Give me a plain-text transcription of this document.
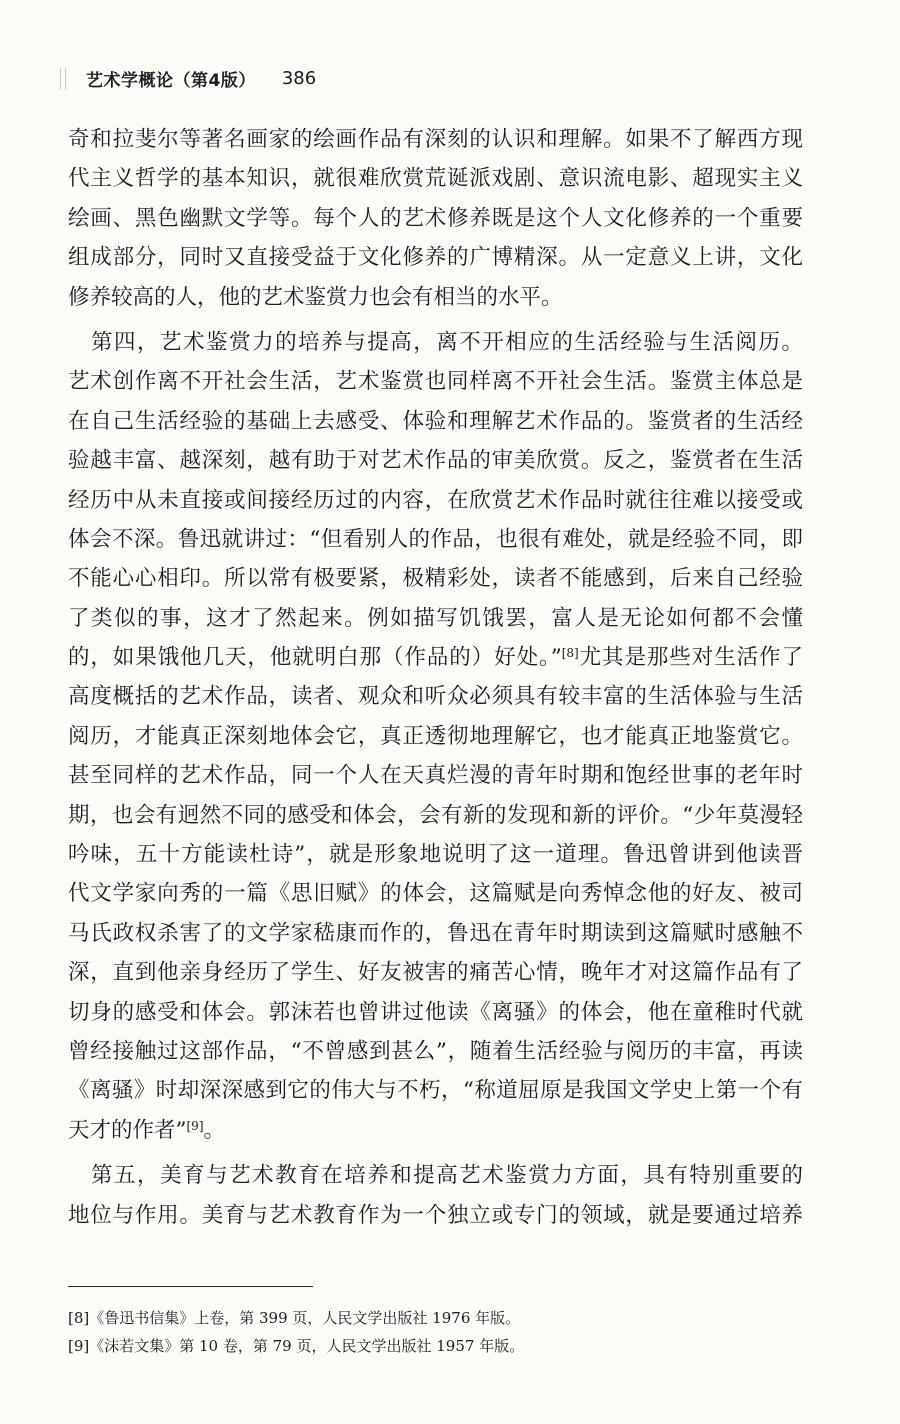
艺术学概论（第4版） 386
奇和拉斐尔等著名画家的绘画作品有深刻的认识和理解。如果不了解西方现
代主义哲学的基本知识，就很难欣赏荒诞派戏剧、意识流电影、超现实主义
绘画、黑色幽默文学等。每个人的艺术修养既是这个人文化修养的一个重要
组成部分，同时又直接受益于文化修养的广博精深。从一定意义上讲，文化
修养较高的人，他的艺术鉴赏力也会有相当的水平。
　第四，艺术鉴赏力的培养与提高，离不开相应的生活经验与生活阅历。
艺术创作离不开社会生活，艺术鉴赏也同样离不开社会生活。鉴赏主体总是
在自己生活经验的基础上去感受、体验和理解艺术作品的。鉴赏者的生活经
验越丰富、越深刻，越有助于对艺术作品的审美欣赏。反之，鉴赏者在生活
经历中从未直接或间接经历过的内容，在欣赏艺术作品时就往往难以接受或
体会不深。鲁迅就讲过：“但看别人的作品，也很有难处，就是经验不同，即
不能心心相印。所以常有极要紧，极精彩处，读者不能感到，后来自己经验
了类似的事，这才了然起来。例如描写饥饿罢，富人是无论如何都不会懂
的，如果饿他几天，他就明白那（作品的）好处。”[8]尤其是那些对生活作了
高度概括的艺术作品，读者、观众和听众必须具有较丰富的生活体验与生活
阅历，才能真正深刻地体会它，真正透彻地理解它，也才能真正地鉴赏它。
甚至同样的艺术作品，同一个人在天真烂漫的青年时期和饱经世事的老年时
期，也会有迥然不同的感受和体会，会有新的发现和新的评价。“少年莫漫轻
吟味，五十方能读杜诗”，就是形象地说明了这一道理。鲁迅曾讲到他读晋
代文学家向秀的一篇《思旧赋》的体会，这篇赋是向秀悼念他的好友、被司
马氏政权杀害了的文学家嵇康而作的，鲁迅在青年时期读到这篇赋时感触不
深，直到他亲身经历了学生、好友被害的痛苦心情，晚年才对这篇作品有了
切身的感受和体会。郭沫若也曾讲过他读《离骚》的体会，他在童稚时代就
曾经接触过这部作品，“不曾感到甚么”，随着生活经验与阅历的丰富，再读
《离骚》时却深深感到它的伟大与不朽，“称道屈原是我国文学史上第一个有
天才的作者”[9]。
　第五，美育与艺术教育在培养和提高艺术鉴赏力方面，具有特别重要的
地位与作用。美育与艺术教育作为一个独立或专门的领域，就是要通过培养
[8]《鲁迅书信集》上卷，第 399 页，人民文学出版社 1976 年版。
[9]《沫若文集》第 10 卷，第 79 页，人民文学出版社 1957 年版。
